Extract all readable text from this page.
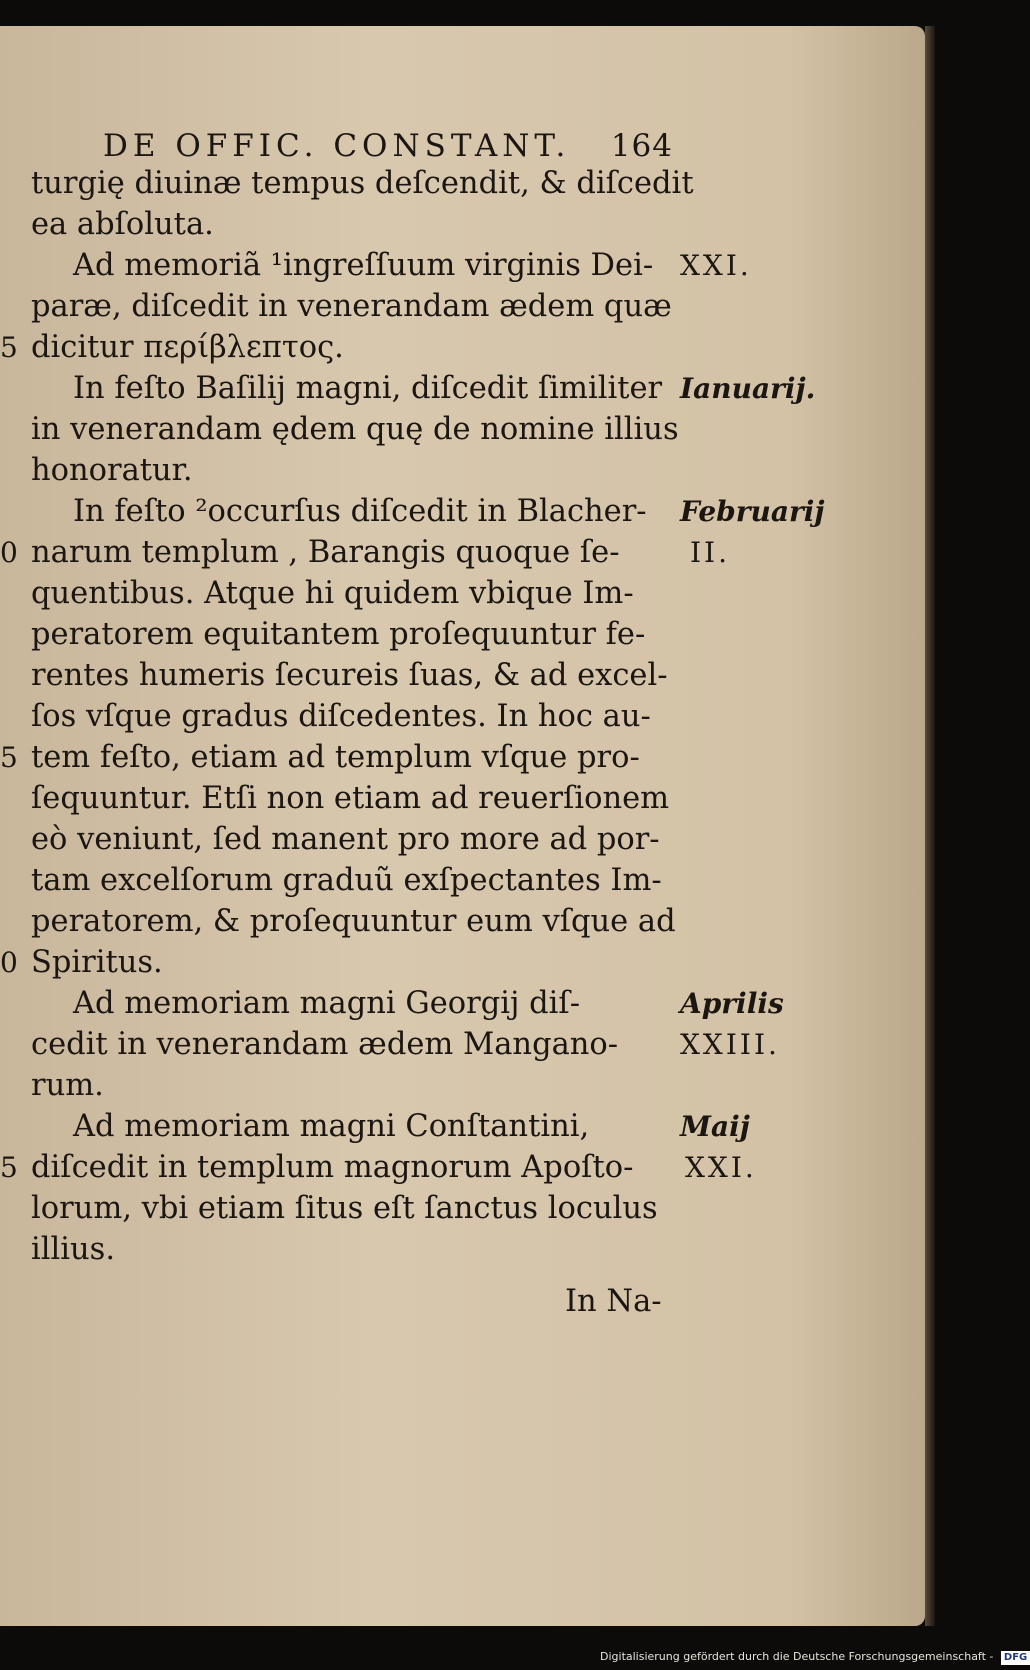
DE OFFIC. CONSTANT. 164
turgię diuinæ tempus deſcendit, & diſcedit
ea abſoluta.
Ad memoriã ¹ingreſſuum virginis Dei-
paræ, diſcedit in venerandam ædem quæ
dicitur περίβλεπτος.
In feſto Baſilij magni, diſcedit ſimiliter
in venerandam ędem quę de nomine illius
honoratur.
In feſto ²occurſus diſcedit in Blacher-
narum templum , Barangis quoque ſe-
quentibus. Atque hi quidem vbique Im-
peratorem equitantem proſequuntur fe-
rentes humeris ſecureis ſuas, & ad excel-
ſos vſque gradus diſcedentes. In hoc au-
tem feſto, etiam ad templum vſque pro-
ſequuntur. Etſi non etiam ad reuerſionem
eò veniunt, ſed manent pro more ad por-
tam excelſorum graduũ exſpectantes Im-
peratorem, & proſequuntur eum vſque ad
Spiritus.
Ad memoriam magni Georgij diſ-
cedit in venerandam ædem Mangano-
rum.
Ad memoriam magni Conſtantini,
diſcedit in templum magnorum Apoſto-
lorum, vbi etiam ſitus eſt ſanctus loculus
illius.
In Na-
5
0
5
0
5
XXI.
Ianuarij.
Februarij
II.
Aprilis
XXIII.
Maij
XXI.
Digitalisierung gefördert durch die Deutsche Forschungsgemeinschaft - DFG
